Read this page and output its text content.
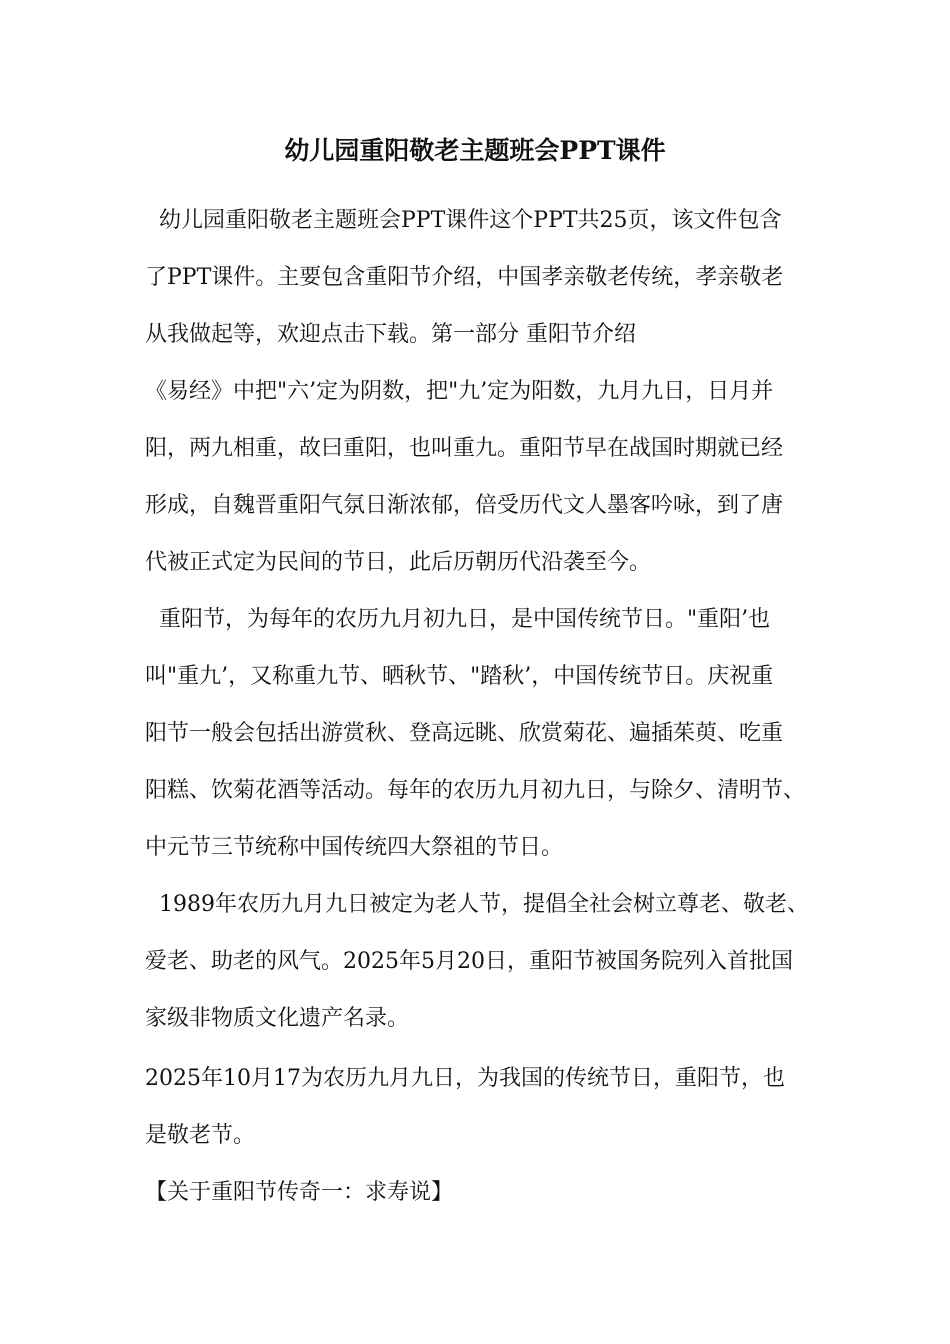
幼儿园重阳敬老主题班会PPT课件
幼儿园重阳敬老主题班会PPT课件这个PPT共25页，该文件包含
了PPT课件。主要包含重阳节介绍，中国孝亲敬老传统，孝亲敬老
从我做起等，欢迎点击下载。第一部分 重阳节介绍
《易经》中把"六’定为阴数，把"九’定为阳数，九月九日，日月并
阳，两九相重，故曰重阳，也叫重九。重阳节早在战国时期就已经
形成，自魏晋重阳气氛日渐浓郁，倍受历代文人墨客吟咏，到了唐
代被正式定为民间的节日，此后历朝历代沿袭至今。
重阳节，为每年的农历九月初九日，是中国传统节日。"重阳’也
叫"重九’，又称重九节、晒秋节、"踏秋’，中国传统节日。庆祝重
阳节一般会包括出游赏秋、登高远眺、欣赏菊花、遍插茱萸、吃重
阳糕、饮菊花酒等活动。每年的农历九月初九日，与除夕、清明节、
中元节三节统称中国传统四大祭祖的节日。
1989年农历九月九日被定为老人节，提倡全社会树立尊老、敬老、
爱老、助老的风气。2025年5月20日，重阳节被国务院列入首批国
家级非物质文化遗产名录。
2025年10月17为农历九月九日，为我国的传统节日，重阳节，也
是敬老节。
【关于重阳节传奇一：求寿说】
